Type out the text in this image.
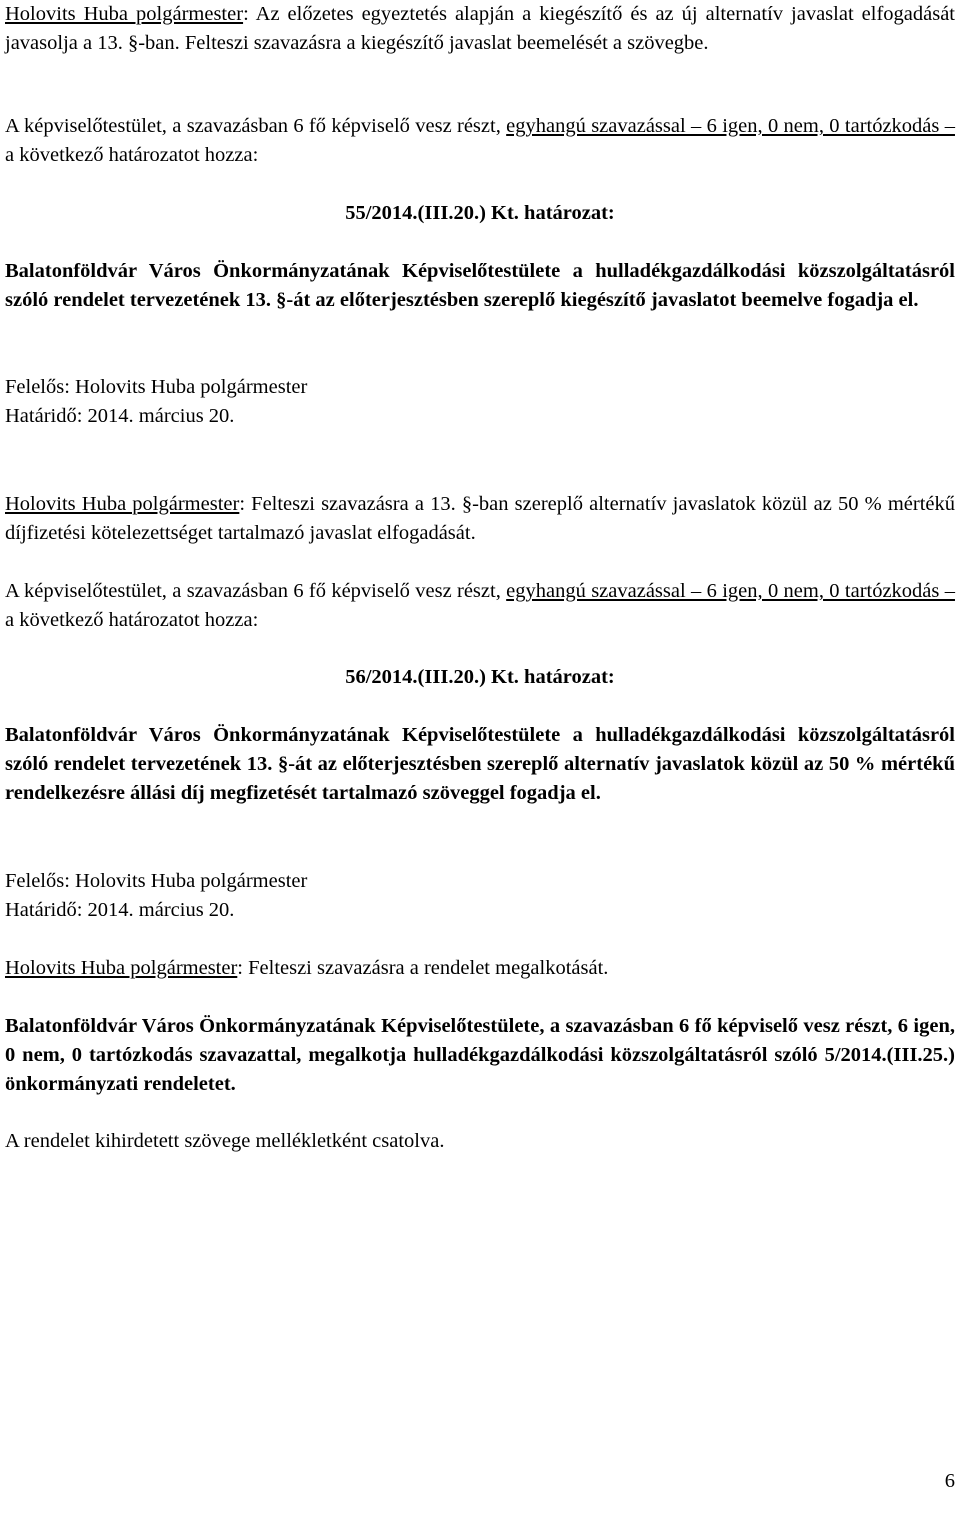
Holovits Huba polgármester: Az előzetes egyeztetés alapján a kiegészítő és az új alternatív javaslat elfogadását javasolja a 13. §-ban. Felteszi szavazásra a kiegészítő javaslat beemelését a szövegbe.

A képviselőtestület, a szavazásban 6 fő képviselő vesz részt, egyhangú szavazással – 6 igen, 0 nem, 0 tartózkodás – a következő határozatot hozza:

55/2014.(III.20.) Kt. határozat:

Balatonföldvár Város Önkormányzatának Képviselőtestülete a hulladékgazdálkodási közszolgáltatásról szóló rendelet tervezetének 13. §-át az előterjesztésben szereplő kiegészítő javaslatot beemelve fogadja el.

Felelős: Holovits Huba polgármester

Határidő: 2014. március 20.

Holovits Huba polgármester: Felteszi szavazásra a 13. §-ban szereplő alternatív javaslatok közül az 50 % mértékű díjfizetési kötelezettséget tartalmazó javaslat elfogadását.

A képviselőtestület, a szavazásban 6 fő képviselő vesz részt, egyhangú szavazással – 6 igen, 0 nem, 0 tartózkodás – a következő határozatot hozza:

56/2014.(III.20.) Kt. határozat:

Balatonföldvár Város Önkormányzatának Képviselőtestülete a hulladékgazdálkodási közszolgáltatásról szóló rendelet tervezetének 13. §-át az előterjesztésben szereplő alternatív javaslatok közül az 50 % mértékű rendelkezésre állási díj megfizetését tartalmazó szöveggel fogadja el.

Felelős: Holovits Huba polgármester

Határidő: 2014. március 20.

Holovits Huba polgármester: Felteszi szavazásra a rendelet megalkotását.

Balatonföldvár Város Önkormányzatának Képviselőtestülete, a szavazásban 6 fő képviselő vesz részt, 6 igen, 0 nem, 0 tartózkodás szavazattal, megalkotja hulladékgazdálkodási közszolgáltatásról szóló 5/2014.(III.25.) önkormányzati rendeletet.

A rendelet kihirdetett szövege mellékletként csatolva.

6
